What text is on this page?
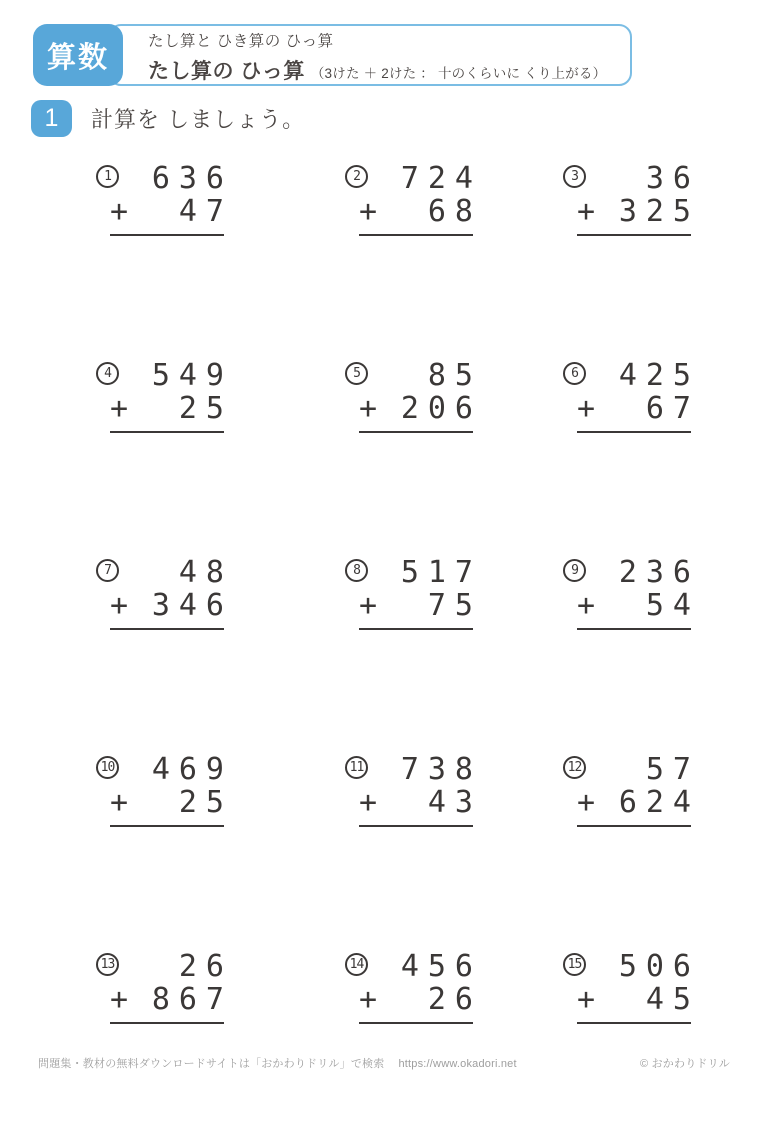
たし算と ひき算の ひっ算
たし算の ひっ算 （3けた ＋ 2けた ： 十のくらいに くり上がる）
算数
1	計算を しましょう。
1 636
+ 47
2 724
+ 68
3 36
+ 325
4 549
+ 25
5 85
+ 206
6 425
+ 67
7 48
+ 346
8 517
+ 75
9 236
+ 54
10 469
+ 25
11 738
+ 43
12 57
+ 624
13 26
+ 867
14 456
+ 26
15 506
+ 45
問題集・教材の無料ダウンロードサイトは「おかわりドリル」で検索 https://www.okadori.net	© おかわりドリル
